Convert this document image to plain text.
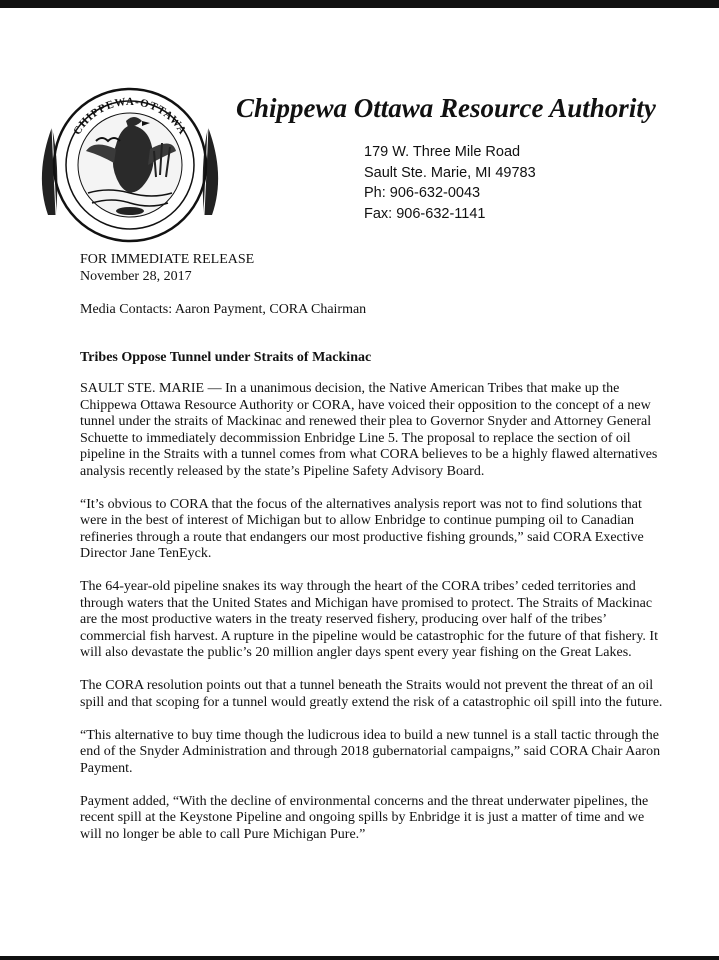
CHIPPEWA-OTTAWA
Chippewa Ottawa Resource Authority
179 W. Three Mile Road
Sault Ste. Marie, MI 49783
Ph: 906-632-0043
Fax: 906-632-1141
FOR IMMEDIATE RELEASE
November 28, 2017
Media Contacts: Aaron Payment, CORA Chairman
Tribes Oppose Tunnel under Straits of Mackinac

SAULT STE. MARIE — In a unanimous decision, the Native American Tribes that make up the
Chippewa Ottawa Resource Authority or CORA, have voiced their opposition to the concept of a new
tunnel under the straits of Mackinac and renewed their plea to Governor Snyder and Attorney General
Schuette to immediately decommission Enbridge Line 5. The proposal to replace the section of oil
pipeline in the Straits with a tunnel comes from what CORA believes to be a highly flawed alternatives
analysis recently released by the state’s Pipeline Safety Advisory Board.

“It’s obvious to CORA that the focus of the alternatives analysis report was not to find solutions that
were in the best of interest of Michigan but to allow Enbridge to continue pumping oil to Canadian
refineries through a route that endangers our most productive fishing grounds,” said CORA Exective
Director Jane TenEyck.

The 64-year-old pipeline snakes its way through the heart of the CORA tribes’ ceded territories and
through waters that the United States and Michigan have promised to protect. The Straits of Mackinac
are the most productive waters in the treaty reserved fishery, producing over half of the tribes’
commercial fish harvest. A rupture in the pipeline would be catastrophic for the future of that fishery. It
will also devastate the public’s 20 million angler days spent every year fishing on the Great Lakes.

The CORA resolution points out that a tunnel beneath the Straits would not prevent the threat of an oil
spill and that scoping for a tunnel would greatly extend the risk of a catastrophic oil spill into the future.

“This alternative to buy time though the ludicrous idea to build a new tunnel is a stall tactic through the
end of the Snyder Administration and through 2018 gubernatorial campaigns,” said CORA Chair Aaron
Payment.

Payment added, “With the decline of environmental concerns and the threat underwater pipelines, the
recent spill at the Keystone Pipeline and ongoing spills by Enbridge it is just a matter of time and we
will no longer be able to call Pure Michigan Pure.”
